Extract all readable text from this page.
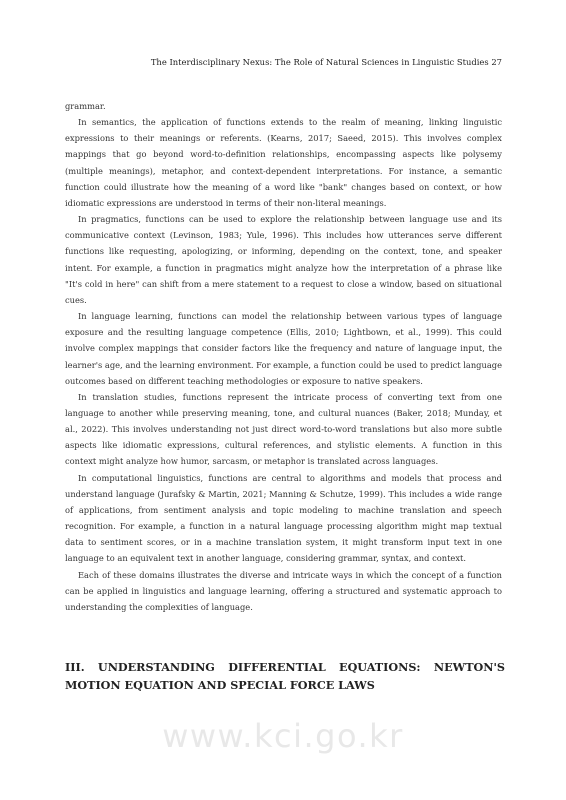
The Interdisciplinary Nexus: The Role of Natural Sciences in Linguistic Studies 27

grammar.

In semantics, the application of functions extends to the realm of meaning, linking linguistic expressions to their meanings or referents. (Kearns, 2017; Saeed, 2015). This involves complex mappings that go beyond word-to-definition relationships, encompassing aspects like polysemy (multiple meanings), metaphor, and context-dependent interpretations. For instance, a semantic function could illustrate how the meaning of a word like "bank" changes based on context, or how idiomatic expressions are understood in terms of their non-literal meanings.

In pragmatics, functions can be used to explore the relationship between language use and its communicative context (Levinson, 1983; Yule, 1996). This includes how utterances serve different functions like requesting, apologizing, or informing, depending on the context, tone, and speaker intent. For example, a function in pragmatics might analyze how the interpretation of a phrase like "It's cold in here" can shift from a mere statement to a request to close a window, based on situational cues.

In language learning, functions can model the relationship between various types of language exposure and the resulting language competence (Ellis, 2010; Lightbown, et al., 1999). This could involve complex mappings that consider factors like the frequency and nature of language input, the learner's age, and the learning environment. For example, a function could be used to predict language outcomes based on different teaching methodologies or exposure to native speakers.

In translation studies, functions represent the intricate process of converting text from one language to another while preserving meaning, tone, and cultural nuances (Baker, 2018; Munday, et al., 2022). This involves understanding not just direct word-to-word translations but also more subtle aspects like idiomatic expressions, cultural references, and stylistic elements. A function in this context might analyze how humor, sarcasm, or metaphor is translated across languages.

In computational linguistics, functions are central to algorithms and models that process and understand language (Jurafsky & Martin, 2021; Manning & Schutze, 1999). This includes a wide range of applications, from sentiment analysis and topic modeling to machine translation and speech recognition. For example, a function in a natural language processing algorithm might map textual data to sentiment scores, or in a machine translation system, it might transform input text in one language to an equivalent text in another language, considering grammar, syntax, and context.

Each of these domains illustrates the diverse and intricate ways in which the concept of a function can be applied in linguistics and language learning, offering a structured and systematic approach to understanding the complexities of language.

III. UNDERSTANDING DIFFERENTIAL EQUATIONS: NEWTON'S MOTION EQUATION AND SPECIAL FORCE LAWS
www.kci.go.kr
